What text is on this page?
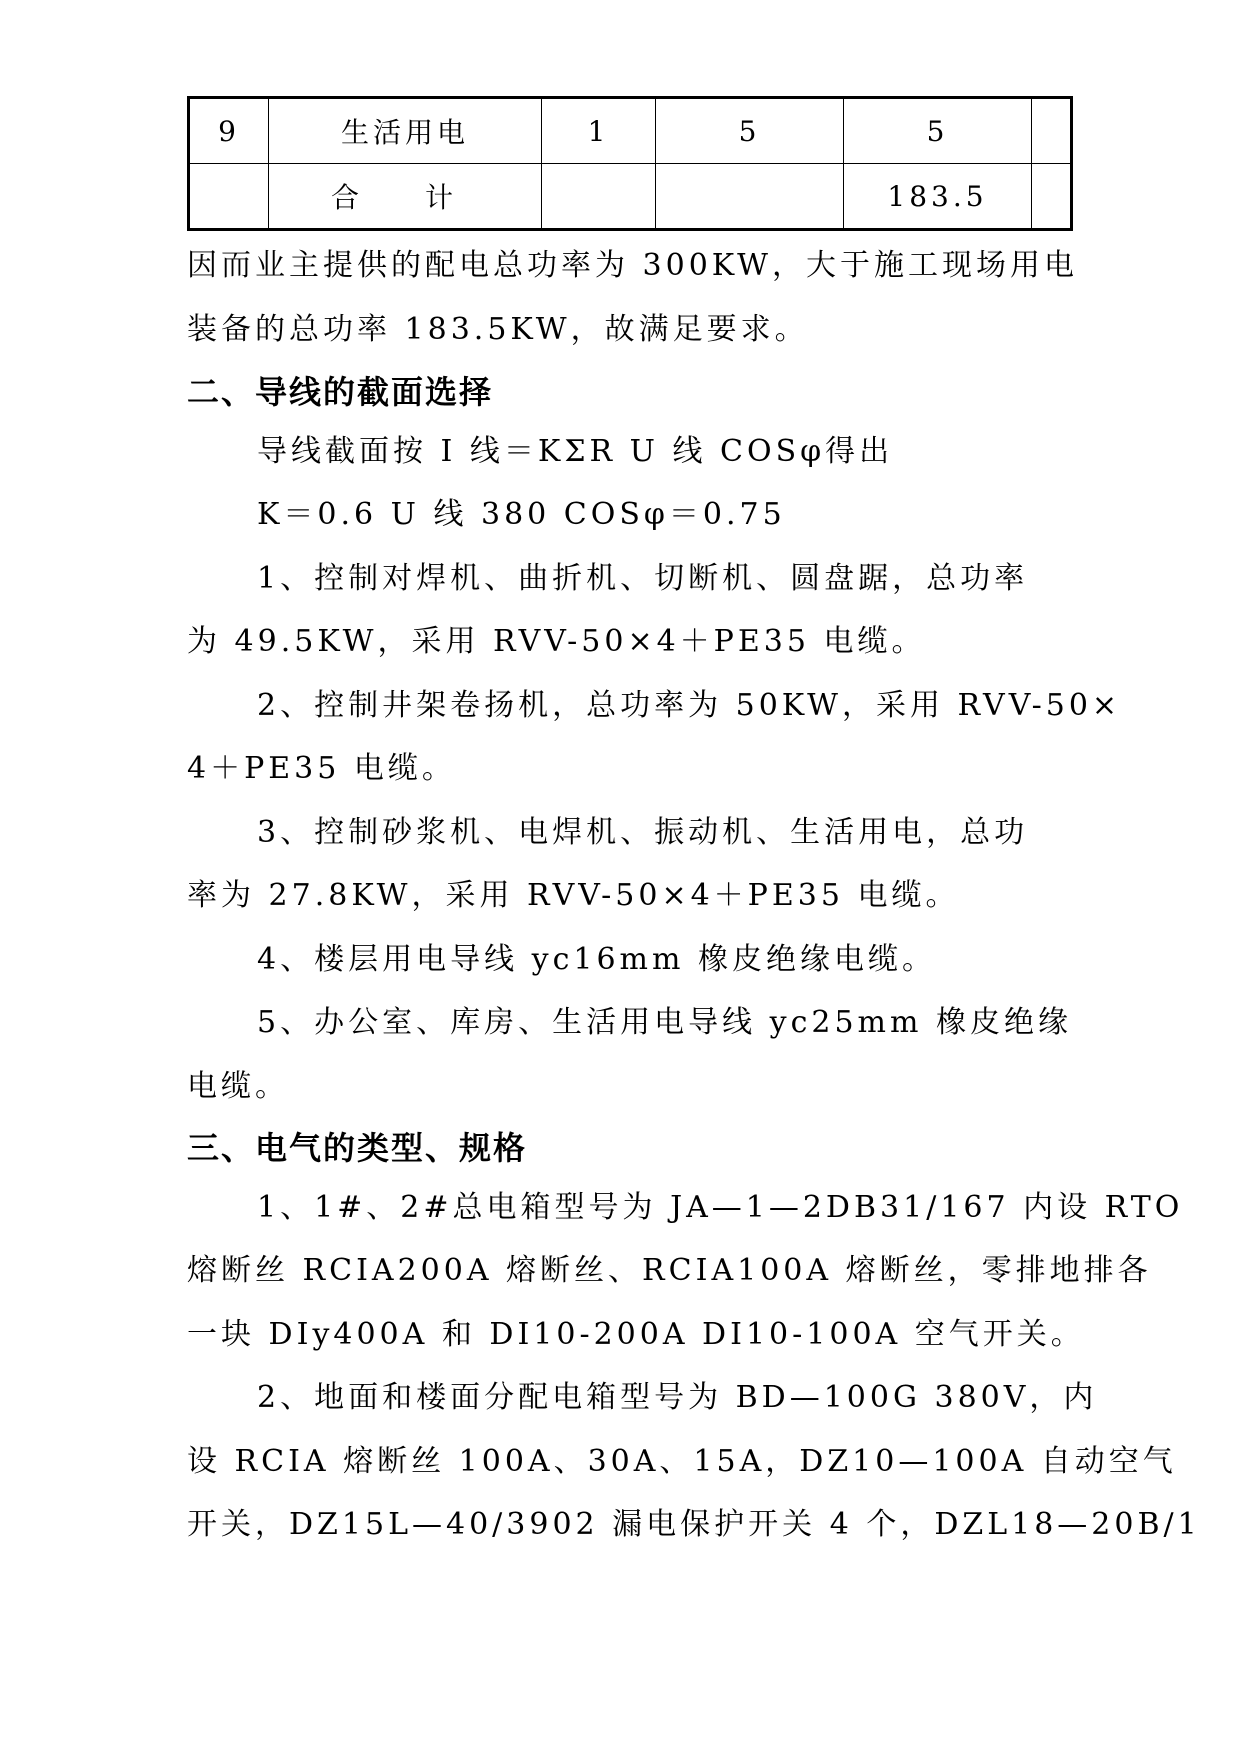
9	生活用电	1	5	5	
	合计			183.5	
因而业主提供的配电总功率为 300KW，大于施工现场用电
装备的总功率 183.5KW，故满足要求。
二、导线的截面选择
导线截面按 I 线＝KΣR U 线 COSφ得出
K＝0.6 U 线 380 COSφ＝0.75
1、控制对焊机、曲折机、切断机、圆盘踞，总功率
为 49.5KW，采用 RVV-50×4＋PE35 电缆。
2、控制井架卷扬机，总功率为 50KW，采用 RVV-50×
4＋PE35 电缆。
3、控制砂浆机、电焊机、振动机、生活用电，总功
率为 27.8KW，采用 RVV-50×4＋PE35 电缆。
4、楼层用电导线 yc16mm 橡皮绝缘电缆。
5、办公室、库房、生活用电导线 yc25mm 橡皮绝缘
电缆。
三、电气的类型、规格
1、1#、2#总电箱型号为 JA—1—2DB31/167 内设 RTO
熔断丝 RCIA200A 熔断丝、RCIA100A 熔断丝，零排地排各
一块 DIy400A 和 DI10-200A DI10-100A 空气开关。
2、地面和楼面分配电箱型号为 BD—100G 380V，内
设 RCIA 熔断丝 100A、30A、15A，DZ10—100A 自动空气
开关，DZ15L—40/3902 漏电保护开关 4 个，DZL18—20B/1
